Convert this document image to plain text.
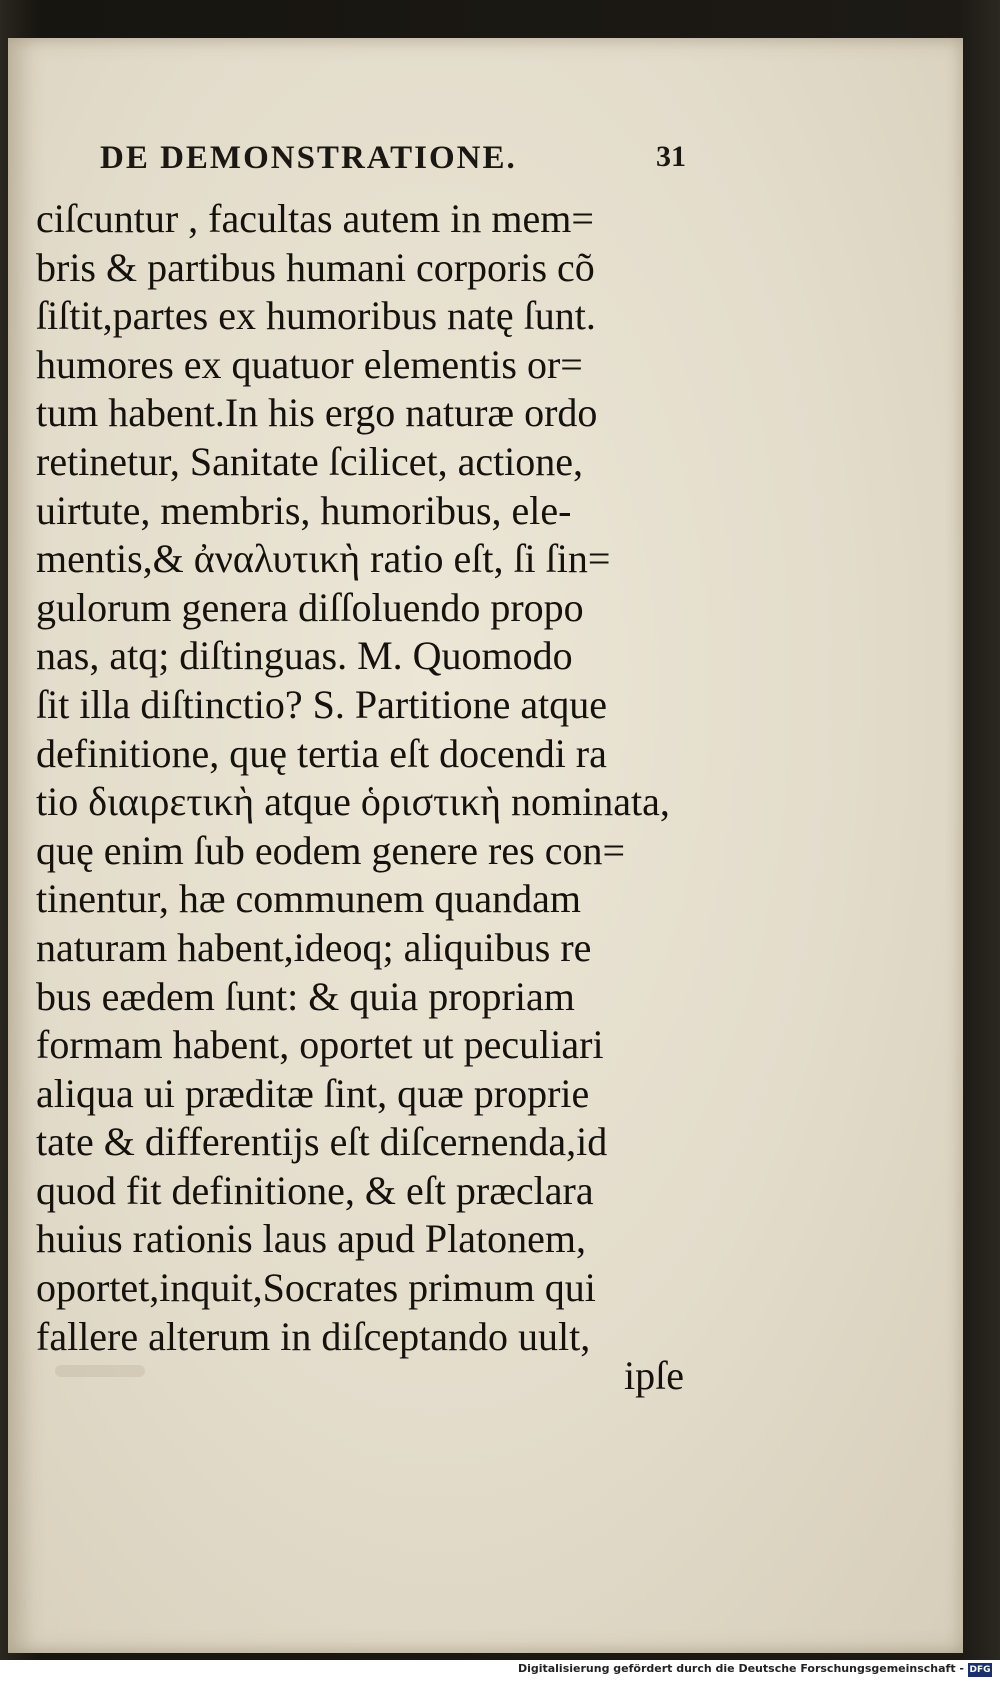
DE DEMONSTRATIONE.	31
ciſcuntur , facultas autem in mem=
bris & partibus humani corporis cõ
ſiſtit,partes ex humoribus natę ſunt.
humores ex quatuor elementis or=
tum habent.In his ergo naturæ ordo
retinetur, Sanitate ſcilicet, actione,
uirtute, membris, humoribus, ele-
mentis,& ἀναλυτικὴ ratio eſt, ſi ſin=
gulorum genera diſſoluendo propo
nas, atq; diſtinguas. M. Quomodo
ſit illa diſtinctio? S. Partitione atque
definitione, quę tertia eſt docendi ra
tio διαιρετικὴ atque ὁριστικὴ nominata,
quę enim ſub eodem genere res con=
tinentur, hæ communem quandam
naturam habent,ideoq; aliquibus re
bus eædem ſunt: & quia propriam
formam habent, oportet ut peculiari
aliqua ui præditæ ſint, quæ proprie
tate & differentijs eſt diſcernenda,id
quod fit definitione, & eſt præclara
huius rationis laus apud Platonem,
oportet,inquit,Socrates primum qui
fallere alterum in diſceptando uult,
ipſe
Digitalisierung gefördert durch die Deutsche Forschungsgemeinschaft - DFG
